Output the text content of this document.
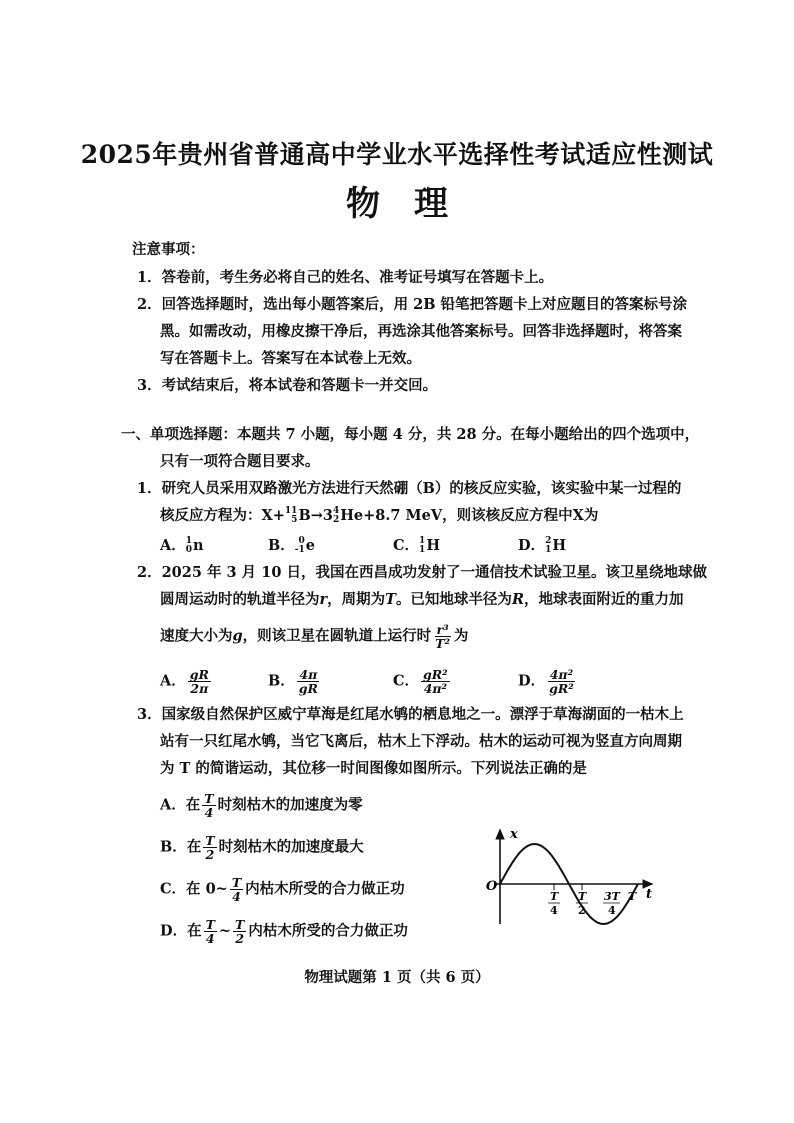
2025年贵州省普通高中学业水平选择性考试适应性测试
物理
注意事项：
1．答卷前，考生务必将自己的姓名、准考证号填写在答题卡上。
2．回答选择题时，选出每小题答案后，用 2B 铅笔把答题卡上对应题目的答案标号涂
黑。如需改动，用橡皮擦干净后，再选涂其他答案标号。回答非选择题时，将答案
写在答题卡上。答案写在本试卷上无效。
3．考试结束后，将本试卷和答题卡一并交回。
一、单项选择题：本题共 7 小题，每小题 4 分，共 28 分。在每小题给出的四个选项中，
只有一项符合题目要求。
1．研究人员采用双路激光方法进行天然硼（B）的核反应实验，该实验中某一过程的
核反应方程为：X+ 11
5 B→3 4
2 He+8.7 MeV，则该核反应方程中X为
A． 1
0 n	B． 0
-1 e	C． 1
1 H	D． 2
1 H
2．2025 年 3 月 10 日，我国在西昌成功发射了一通信技术试验卫星。该卫星绕地球做
圆周运动时的轨道半径为r，周期为T。已知地球半径为R，地球表面附近的重力加
速度大小为g，则该卫星在圆轨道上运行时 $\frac{\text{r³}}{\text{T²}}$ 为
A． $\frac{gR}{2\pi}$	B． $\frac{4\pi}{gR}$	C． $\frac{\text{gR²}}{\text{4π²}}$	D． $\frac{\text{4π²}}{\text{gR²}}$
3．国家级自然保护区威宁草海是红尾水鸲的栖息地之一。漂浮于草海湖面的一枯木上
站有一只红尾水鸲，当它飞离后，枯木上下浮动。枯木的运动可视为竖直方向周期
为 T 的简谐运动，其位移一时间图像如图所示。下列说法正确的是
A．在 $\frac{T}{4}$ 时刻枯木的加速度为零
B．在 $\frac{T}{2}$ 时刻枯木的加速度最大
C．在 0~ $\frac{T}{4}$ 内枯木所受的合力做正功
D．在 $\frac{T}{4}$ ~ $\frac{T}{2}$ 内枯木所受的合力做正功
x
t
O
T
4
T
2
3T
4
T
物理试题第 1 页（共 6 页）
